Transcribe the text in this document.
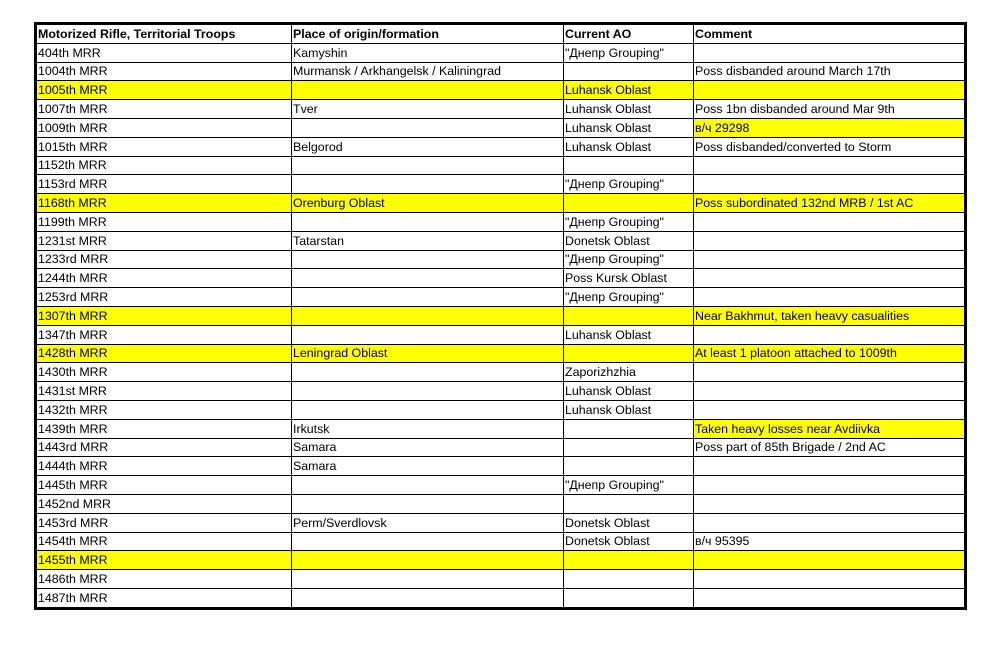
Motorized Rifle, Territorial Troops	Place of origin/formation	Current AO	Comment
404th MRR	Kamyshin	"Днепр Grouping"	
1004th MRR	Murmansk / Arkhangelsk / Kaliningrad		Poss disbanded around March 17th
1005th MRR		Luhansk Oblast	
1007th MRR	Tver	Luhansk Oblast	Poss 1bn disbanded around Mar 9th
1009th MRR		Luhansk Oblast	в/ч 29298
1015th MRR	Belgorod	Luhansk Oblast	Poss disbanded/converted to Storm
1152th MRR			
1153rd MRR		"Днепр Grouping"	
1168th MRR	Orenburg Oblast		Poss subordinated 132nd MRB / 1st AC
1199th MRR		"Днепр Grouping"	
1231st MRR	Tatarstan	Donetsk Oblast	
1233rd MRR		"Днепр Grouping"	
1244th MRR		Poss Kursk Oblast	
1253rd MRR		"Днепр Grouping"	
1307th MRR			Near Bakhmut, taken heavy casualities
1347th MRR		Luhansk Oblast	
1428th MRR	Leningrad Oblast		At least 1 platoon attached to 1009th
1430th MRR		Zaporizhzhia	
1431st MRR		Luhansk Oblast	
1432th MRR		Luhansk Oblast	
1439th MRR	Irkutsk		Taken heavy losses near Avdiivka
1443rd MRR	Samara		Poss part of 85th Brigade / 2nd AC
1444th MRR	Samara		
1445th MRR		"Днепр Grouping"	
1452nd MRR			
1453rd MRR	Perm/Sverdlovsk	Donetsk Oblast	
1454th MRR		Donetsk Oblast	в/ч 95395
1455th MRR			
1486th MRR			
1487th MRR			
